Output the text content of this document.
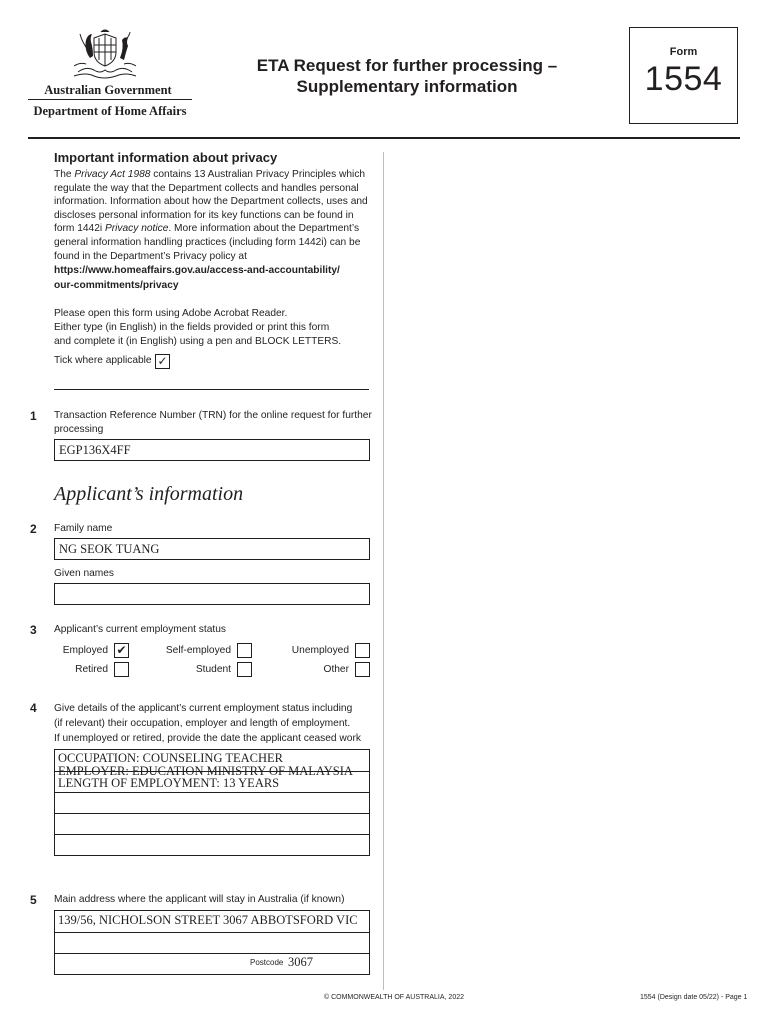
Australian Government
Department of Home Affairs
ETA Request for further processing –
Supplementary information
Form
1554
Important information about privacy
The Privacy Act 1988 contains 13 Australian Privacy Principles which regulate the way that the Department collects and handles personal information. Information about how the Department collects, uses and discloses personal information for its key functions can be found in form 1442i Privacy notice. More information about the Department’s general information handling practices (including form 1442i) can be found in the Department’s Privacy policy at
https://www.homeaffairs.gov.au/access-and-accountability/
our-commitments/privacy
Please open this form using Adobe Acrobat Reader.
Either type (in English) in the fields provided or print this form
and complete it (in English) using a pen and BLOCK LETTERS.
Tick where applicable ✓
1 Transaction Reference Number (TRN) for the online request for further
processing
EGP136X4FF
Applicant’s information
2 Family name
NG SEOK TUANG
Given names
3 Applicant’s current employment status
Employed ✔	Self-employed	Unemployed
Retired	Student	Other
4 Give details of the applicant’s current employment status including
(if relevant) their occupation, employer and length of employment.
If unemployed or retired, provide the date the applicant ceased work
OCCUPATION: COUNSELING TEACHER
EMPLOYER: EDUCATION MINISTRY OF MALAYSIA
LENGTH OF EMPLOYMENT: 13 YEARS
5 Main address where the applicant will stay in Australia (if known)
139/56, NICHOLSON STREET 3067 ABBOTSFORD VIC
Postcode 3067
© COMMONWEALTH OF AUSTRALIA, 2022	1554 (Design date 05/22) - Page 1
